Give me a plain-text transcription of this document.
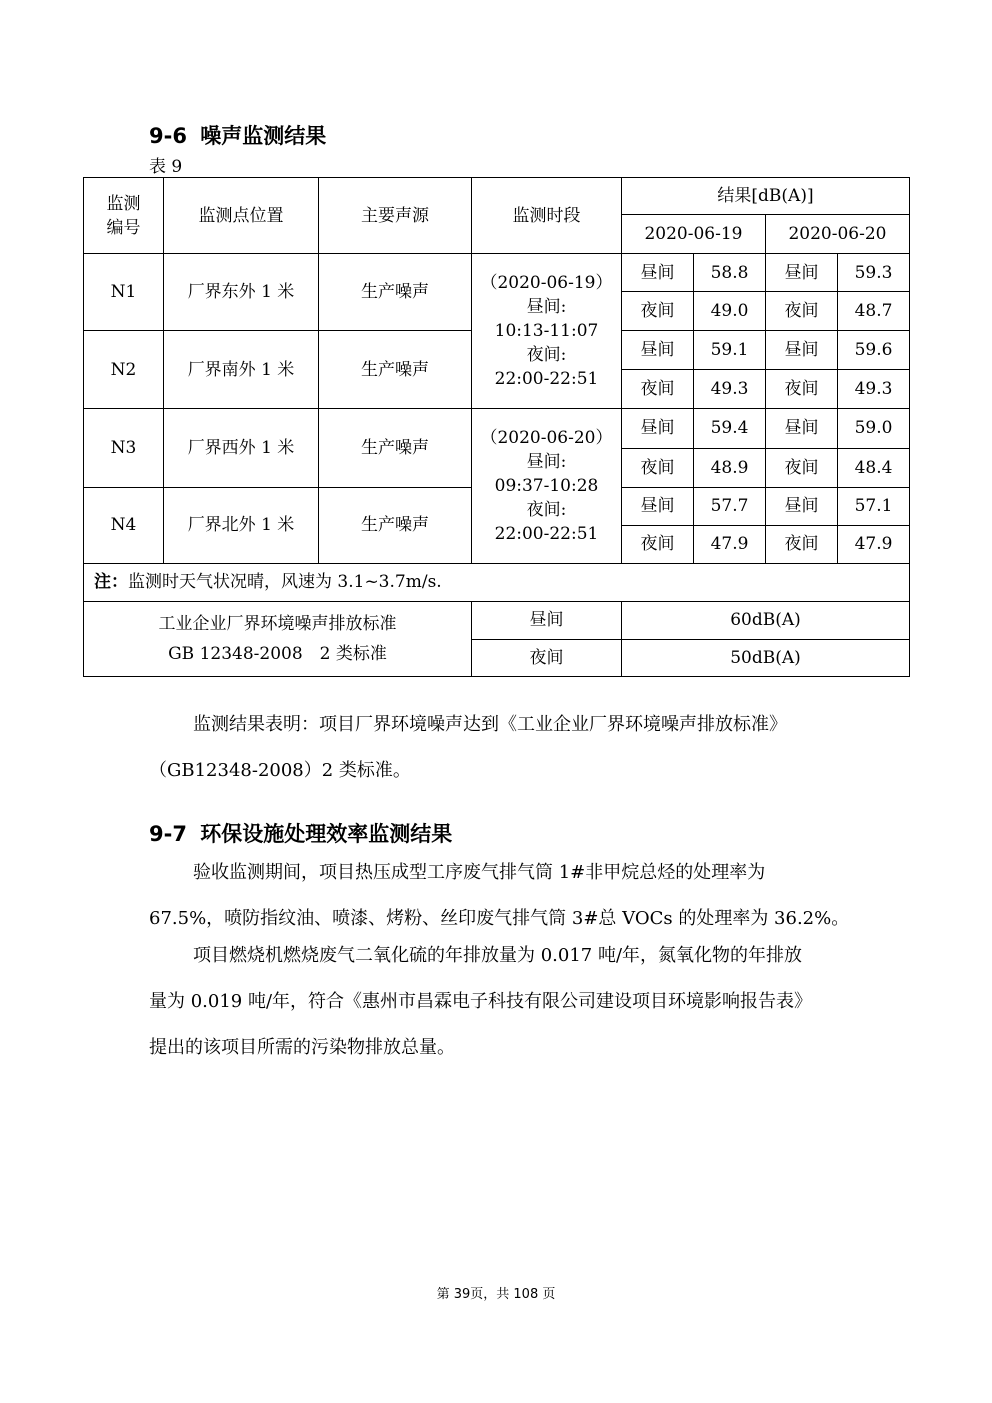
9-6 噪声监测结果
表 9
监测编号	监测点位置	主要声源	监测时段	结果[dB(A)]			
				2020-06-19		2020-06-20	
N1	厂界东外 1 米	生产噪声	（2020-06-19）
昼间:
10:13-11:07
夜间:
22:00-22:51	昼间	58.8	昼间	59.3
				夜间	49.0	夜间	48.7
N2	厂界南外 1 米	生产噪声		昼间	59.1	昼间	59.6
				夜间	49.3	夜间	49.3
N3	厂界西外 1 米	生产噪声	（2020-06-20）
昼间:
09:37-10:28
夜间:
22:00-22:51	昼间	59.4	昼间	59.0
				夜间	48.9	夜间	48.4
N4	厂界北外 1 米	生产噪声		昼间	57.7	昼间	57.1
				夜间	47.9	夜间	47.9
注：监测时天气状况晴，风速为 3.1~3.7m/s.							

工业企业厂界环境噪声排放标准
GB 12348-2008　2 类标准			昼间	60dB(A)			
			夜间	50dB(A)			
监测结果表明：项目厂界环境噪声达到《工业企业厂界环境噪声排放标准》
（GB12348-2008）2 类标准。
9-7 环保设施处理效率监测结果
验收监测期间，项目热压成型工序废气排气筒 1#非甲烷总烃的处理率为
67.5%，喷防指纹油、喷漆、烤粉、丝印废气排气筒 3#总 VOCs 的处理率为 36.2%。
项目燃烧机燃烧废气二氧化硫的年排放量为 0.017 吨/年，氮氧化物的年排放
量为 0.019 吨/年，符合《惠州市昌霖电子科技有限公司建设项目环境影响报告表》
提出的该项目所需的污染物排放总量。
第 39页，共 108 页
